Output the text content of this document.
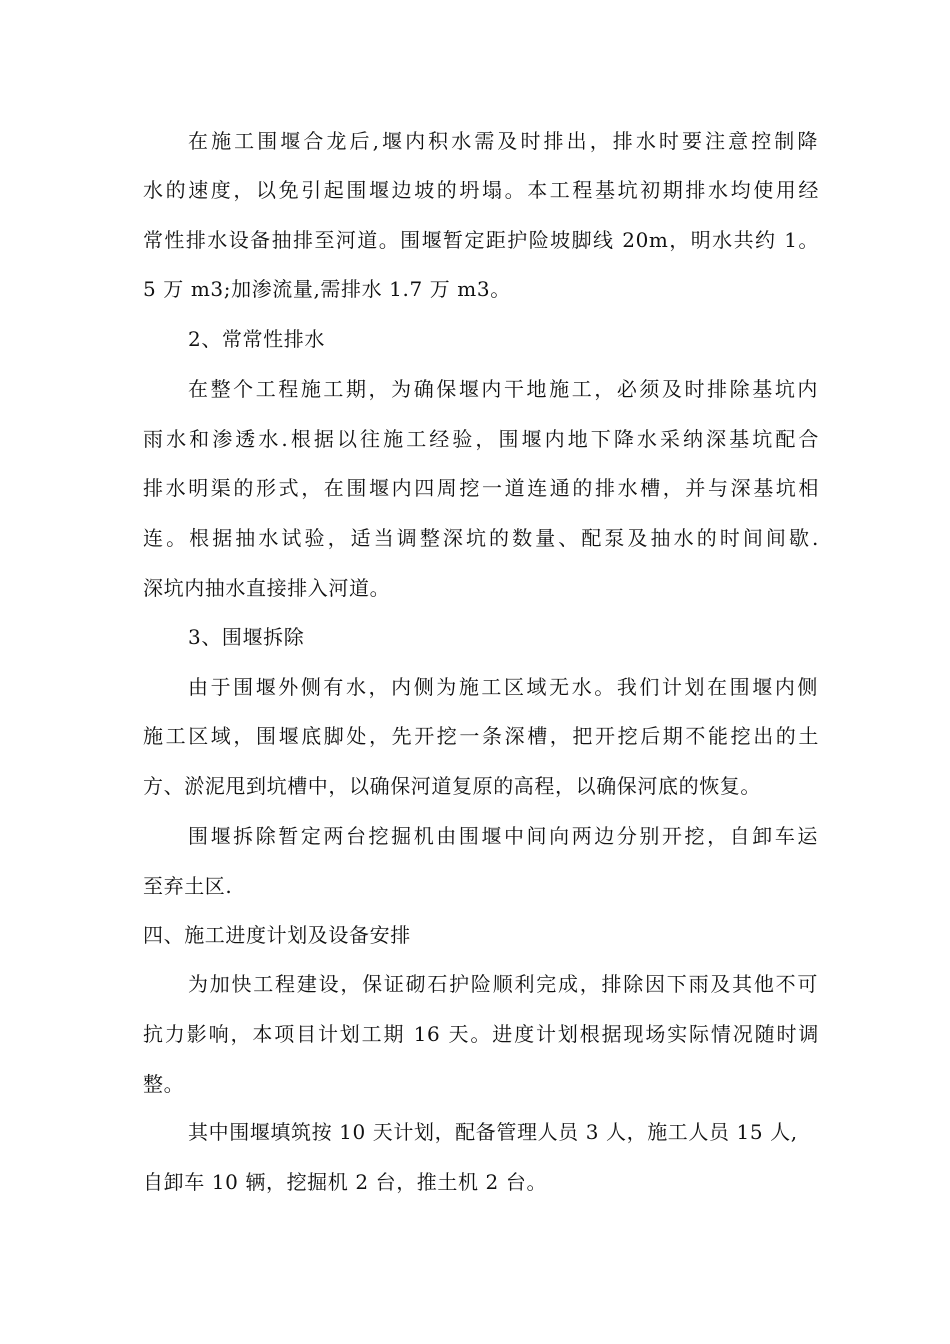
在施工围堰合龙后,堰内积水需及时排出，排水时要注意控制降
水的速度，以免引起围堰边坡的坍塌。本工程基坑初期排水均使用经
常性排水设备抽排至河道。围堰暂定距护险坡脚线 20m，明水共约 1。
5 万 m3;加渗流量,需排水 1.7 万 m3。
2、常常性排水
在整个工程施工期，为确保堰内干地施工，必须及时排除基坑内
雨水和渗透水.根据以往施工经验，围堰内地下降水采纳深基坑配合
排水明渠的形式，在围堰内四周挖一道连通的排水槽，并与深基坑相
连。根据抽水试验，适当调整深坑的数量、配泵及抽水的时间间歇.
深坑内抽水直接排入河道。
3、围堰拆除
由于围堰外侧有水，内侧为施工区域无水。我们计划在围堰内侧
施工区域，围堰底脚处，先开挖一条深槽，把开挖后期不能挖出的土
方、淤泥甩到坑槽中，以确保河道复原的高程，以确保河底的恢复。
围堰拆除暂定两台挖掘机由围堰中间向两边分别开挖，自卸车运
至弃土区.
四、施工进度计划及设备安排
为加快工程建设，保证砌石护险顺利完成，排除因下雨及其他不可
抗力影响，本项目计划工期 16 天。进度计划根据现场实际情况随时调
整。
其中围堰填筑按 10 天计划，配备管理人员 3 人，施工人员 15 人,
自卸车 10 辆，挖掘机 2 台，推土机 2 台。
